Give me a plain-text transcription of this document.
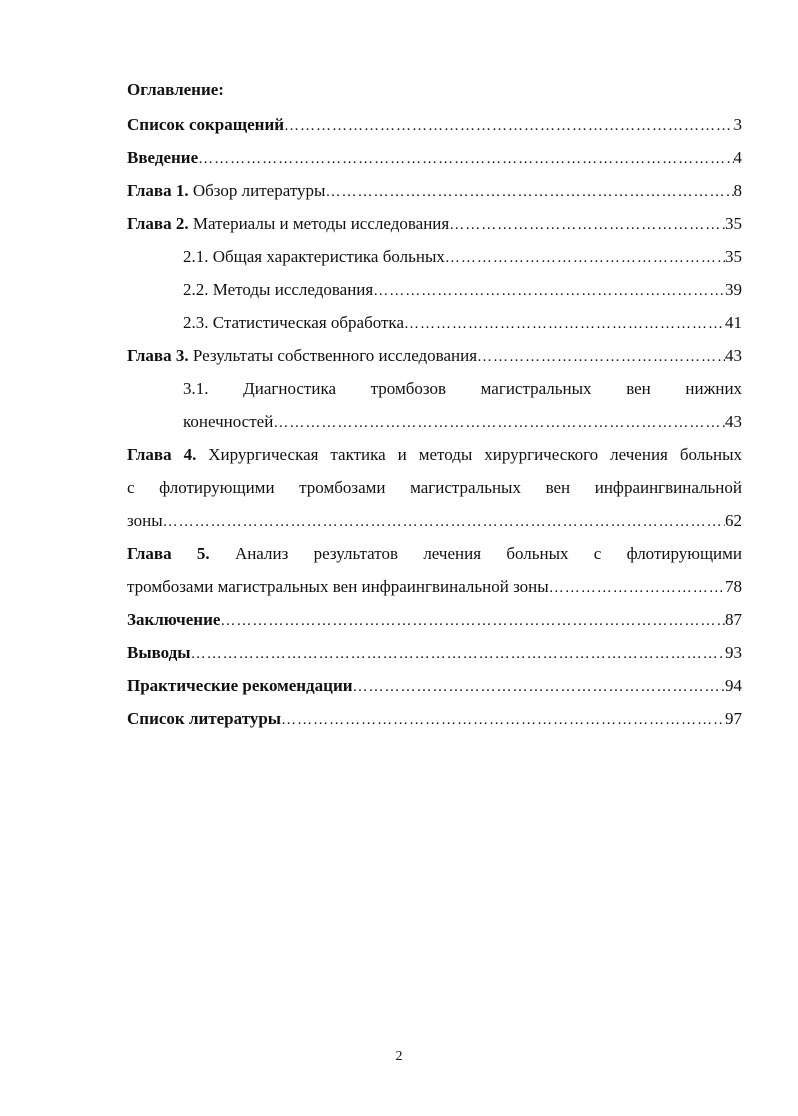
Оглавление:
Список сокращений …………………………………………………………………………………………………………………………………………………………………………………………	3
Введение …………………………………………………………………………………………………………………………………………………………………………………………	4
Глава 1. Обзор литературы …………………………………………………………………………………………………………………………………………………………………………………………	8
Глава 2. Материалы и методы исследования …………………………………………………………………………………………………………………………………………………………………………………………	35
2.1. Общая характеристика больных …………………………………………………………………………………………………………………………………………………………………………………………	35
2.2. Методы исследования …………………………………………………………………………………………………………………………………………………………………………………………	39
2.3. Статистическая обработка …………………………………………………………………………………………………………………………………………………………………………………………	41
Глава 3. Результаты собственного исследования …………………………………………………………………………………………………………………………………………………………………………………………	43
3.1. Диагностика тромбозов магистральных вен нижних
конечностей …………………………………………………………………………………………………………………………………………………………………………………………	43
Глава 4. Хирургическая тактика и методы хирургического лечения больных
с флотирующими тромбозами магистральных вен инфраингвинальной
зоны …………………………………………………………………………………………………………………………………………………………………………………………	62
Глава 5. Анализ результатов лечения больных с флотирующими
тромбозами магистральных вен инфраингвинальной зоны …………………………………………………………………………………………………………………………………………………………………………………………	78
Заключение …………………………………………………………………………………………………………………………………………………………………………………………	87
Выводы …………………………………………………………………………………………………………………………………………………………………………………………	93
Практические рекомендации …………………………………………………………………………………………………………………………………………………………………………………………	94
Список литературы …………………………………………………………………………………………………………………………………………………………………………………………	97
2
